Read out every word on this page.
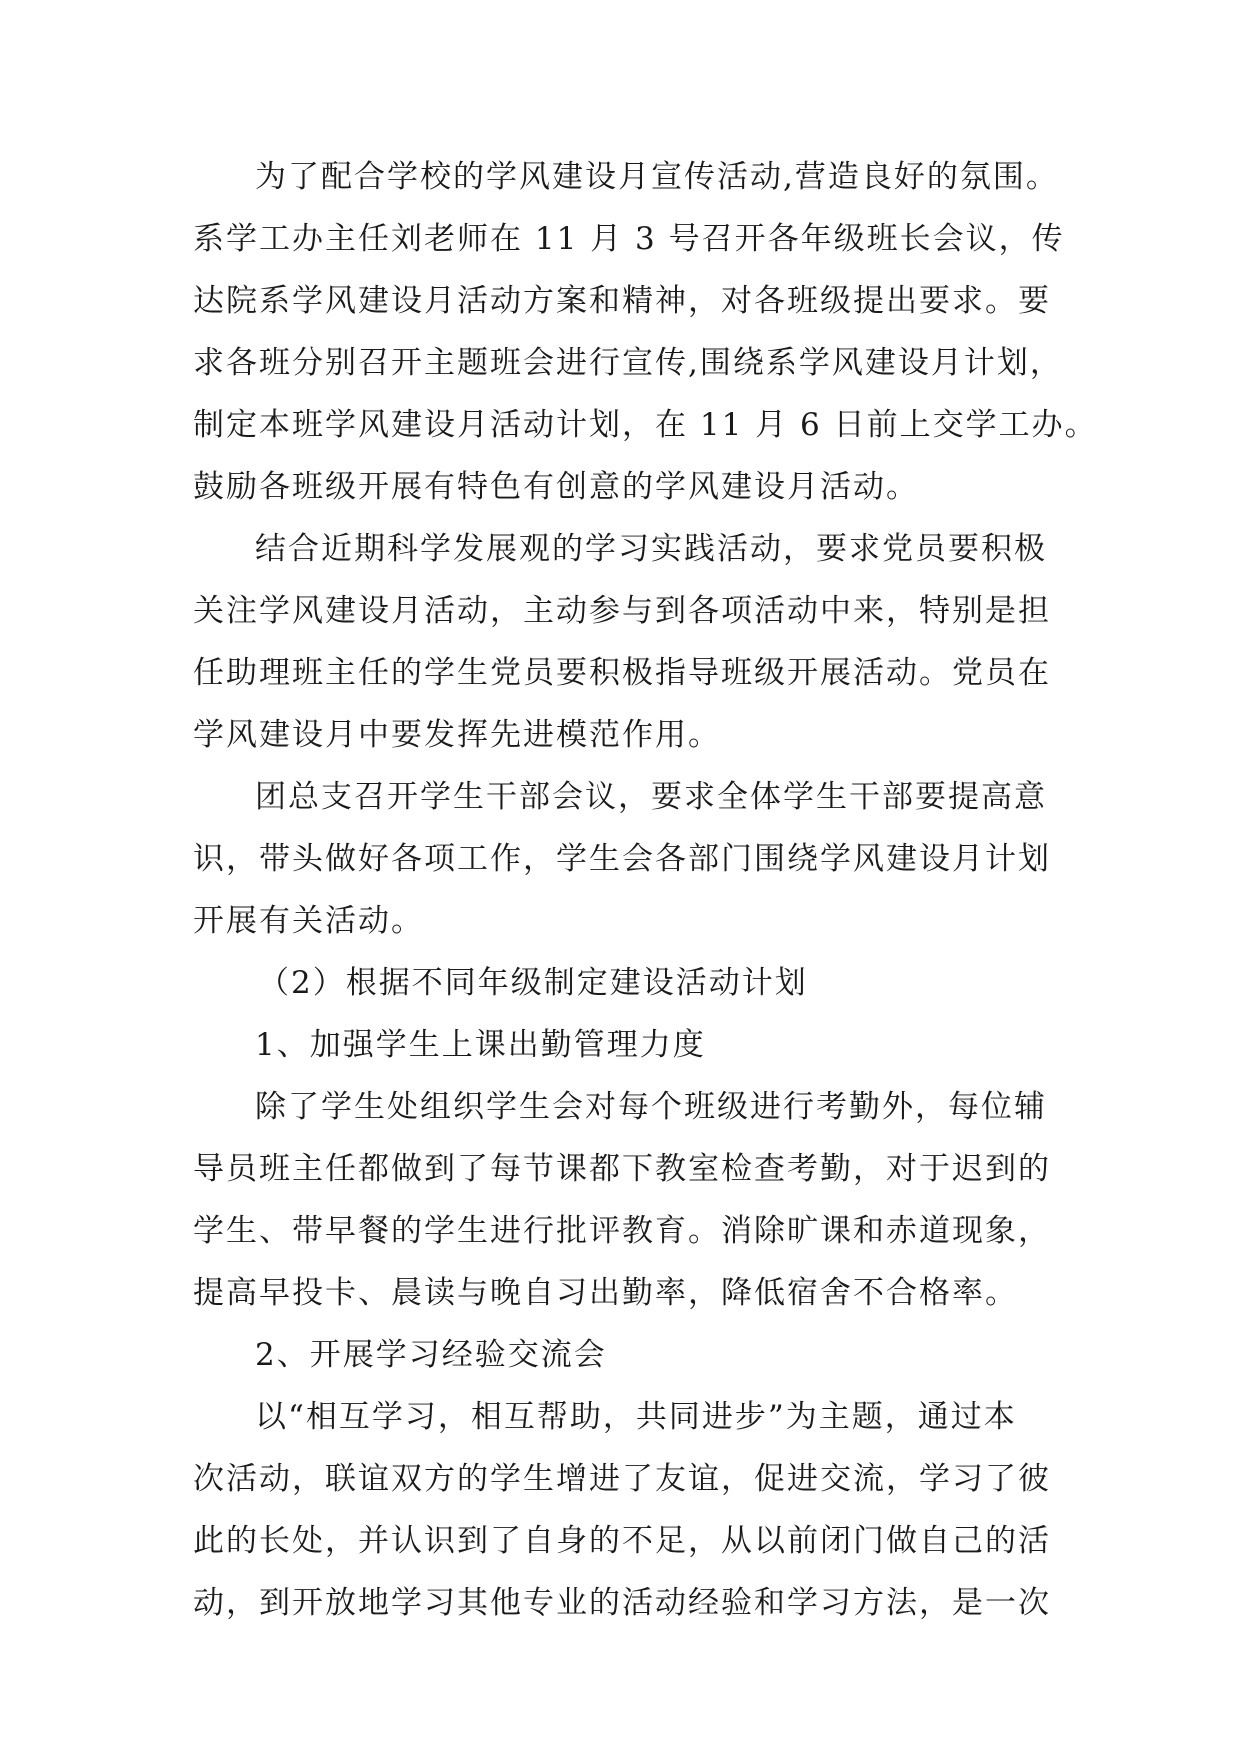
为了配合学校的学风建设月宣传活动,营造良好的氛围。
系学工办主任刘老师在 11 月 3 号召开各年级班长会议，传
达院系学风建设月活动方案和精神，对各班级提出要求。要
求各班分别召开主题班会进行宣传,围绕系学风建设月计划，
制定本班学风建设月活动计划，在 11 月 6 日前上交学工办。
鼓励各班级开展有特色有创意的学风建设月活动。
结合近期科学发展观的学习实践活动，要求党员要积极
关注学风建设月活动，主动参与到各项活动中来，特别是担
任助理班主任的学生党员要积极指导班级开展活动。党员在
学风建设月中要发挥先进模范作用。
团总支召开学生干部会议，要求全体学生干部要提高意
识，带头做好各项工作，学生会各部门围绕学风建设月计划
开展有关活动。
（2）根据不同年级制定建设活动计划
1、加强学生上课出勤管理力度
除了学生处组织学生会对每个班级进行考勤外，每位辅
导员班主任都做到了每节课都下教室检查考勤，对于迟到的
学生、带早餐的学生进行批评教育。消除旷课和赤道现象，
提高早投卡、晨读与晚自习出勤率，降低宿舍不合格率。
2、开展学习经验交流会
以“相互学习，相互帮助，共同进步”为主题，通过本
次活动，联谊双方的学生增进了友谊，促进交流，学习了彼
此的长处，并认识到了自身的不足，从以前闭门做自己的活
动，到开放地学习其他专业的活动经验和学习方法，是一次
